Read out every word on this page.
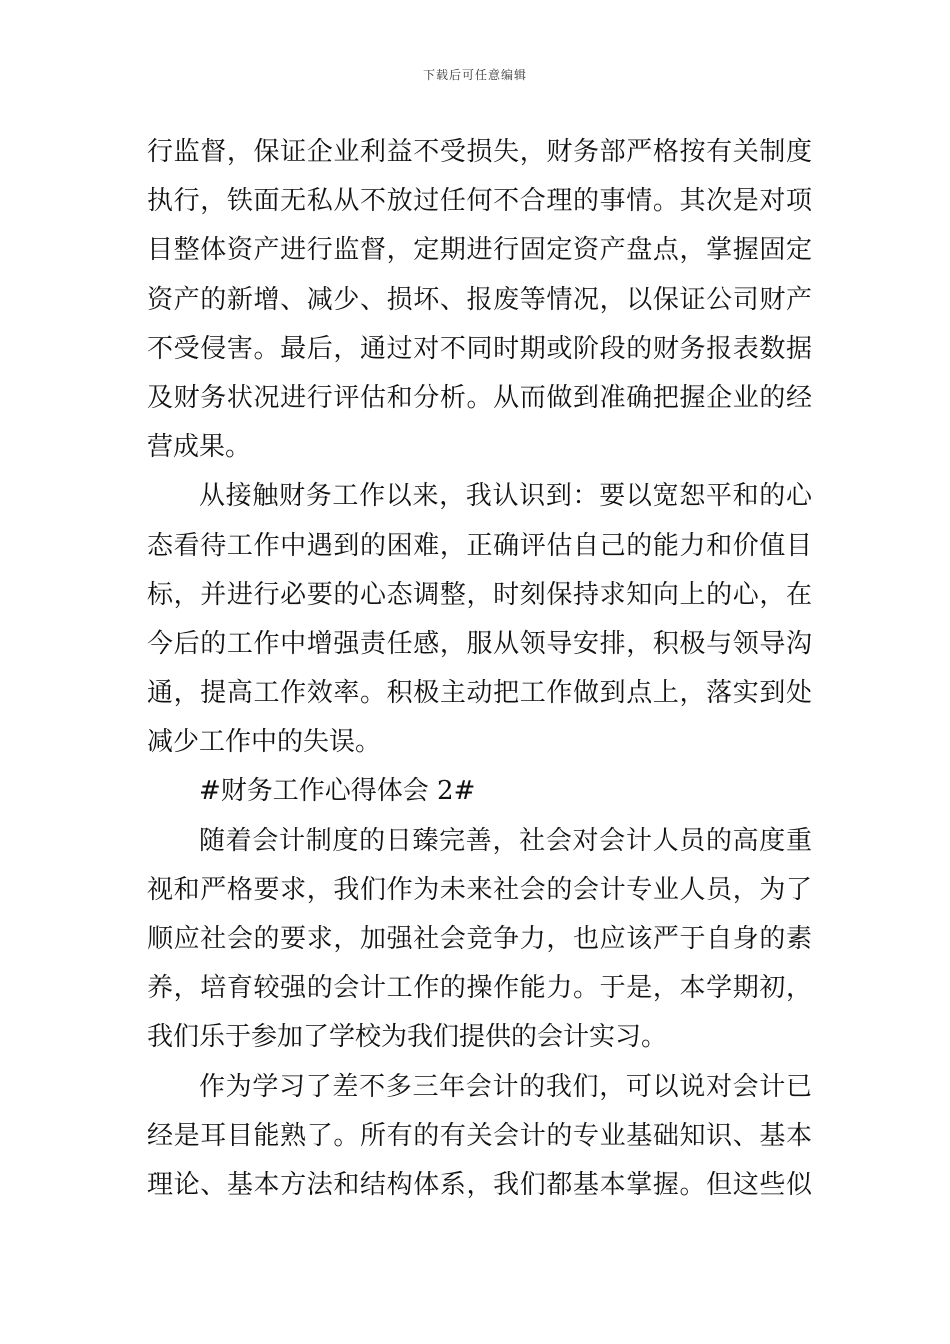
下载后可任意编辑
行监督，保证企业利益不受损失，财务部严格按有关制度
执行，铁面无私从不放过任何不合理的事情。其次是对项
目整体资产进行监督，定期进行固定资产盘点，掌握固定
资产的新增、减少、损坏、报废等情况，以保证公司财产
不受侵害。最后，通过对不同时期或阶段的财务报表数据
及财务状况进行评估和分析。从而做到准确把握企业的经
营成果。
从接触财务工作以来，我认识到：要以宽恕平和的心
态看待工作中遇到的困难，正确评估自己的能力和价值目
标，并进行必要的心态调整，时刻保持求知向上的心，在
今后的工作中增强责任感，服从领导安排，积极与领导沟
通，提高工作效率。积极主动把工作做到点上，落实到处
减少工作中的失误。
#财务工作心得体会 2#
随着会计制度的日臻完善，社会对会计人员的高度重
视和严格要求，我们作为未来社会的会计专业人员，为了
顺应社会的要求，加强社会竞争力，也应该严于自身的素
养，培育较强的会计工作的操作能力。于是，本学期初，
我们乐于参加了学校为我们提供的会计实习。
作为学习了差不多三年会计的我们，可以说对会计已
经是耳目能熟了。所有的有关会计的专业基础知识、基本
理论、基本方法和结构体系，我们都基本掌握。但这些似
